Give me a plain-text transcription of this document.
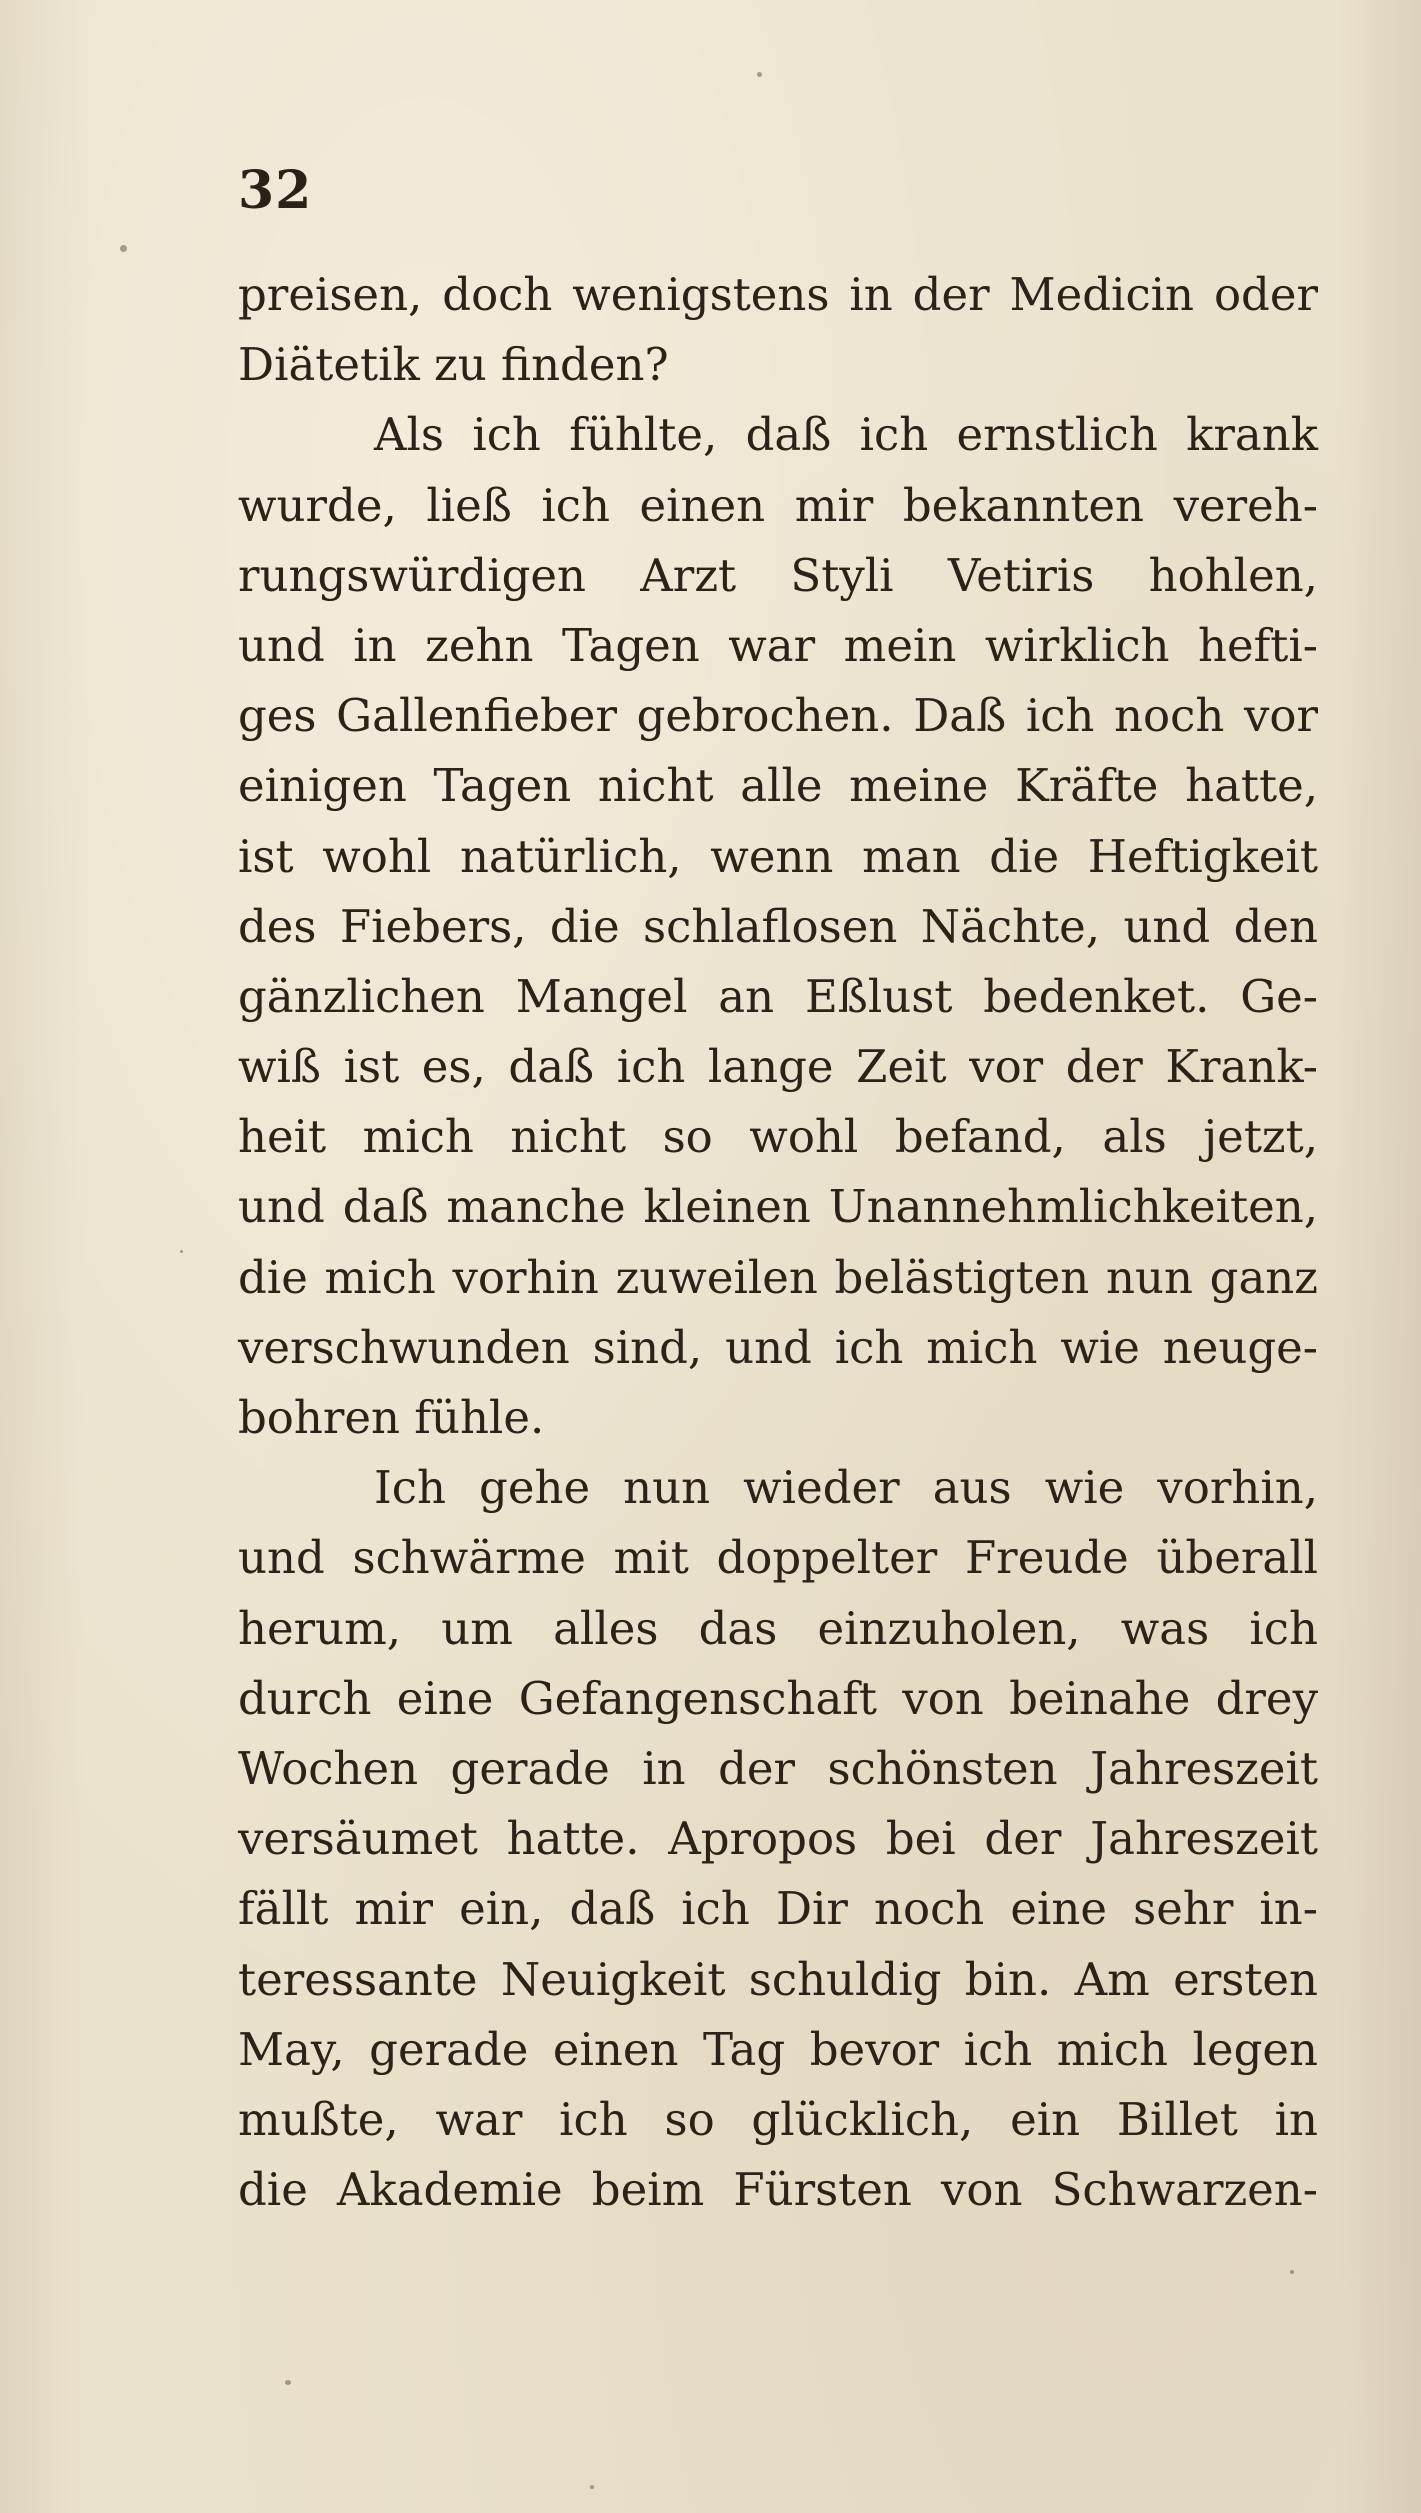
32
preisen, doch wenigstens in der Medicin oder
Diätetik zu finden?
Als ich fühlte, daß ich ernstlich krank
wurde, ließ ich einen mir bekannten vereh-
rungswürdigen Arzt Styli Vetiris hohlen,
und in zehn Tagen war mein wirklich hefti-
ges Gallenfieber gebrochen. Daß ich noch vor
einigen Tagen nicht alle meine Kräfte hatte,
ist wohl natürlich, wenn man die Heftigkeit
des Fiebers, die schlaflosen Nächte, und den
gänzlichen Mangel an Eßlust bedenket. Ge-
wiß ist es, daß ich lange Zeit vor der Krank-
heit mich nicht so wohl befand, als jetzt,
und daß manche kleinen Unannehmlichkeiten,
die mich vorhin zuweilen belästigten nun ganz
verschwunden sind, und ich mich wie neuge-
bohren fühle.
Ich gehe nun wieder aus wie vorhin,
und schwärme mit doppelter Freude überall
herum, um alles das einzuholen, was ich
durch eine Gefangenschaft von beinahe drey
Wochen gerade in der schönsten Jahreszeit
versäumet hatte. Apropos bei der Jahreszeit
fällt mir ein, daß ich Dir noch eine sehr in-
teressante Neuigkeit schuldig bin. Am ersten
May, gerade einen Tag bevor ich mich legen
mußte, war ich so glücklich, ein Billet in
die Akademie beim Fürsten von Schwarzen-
